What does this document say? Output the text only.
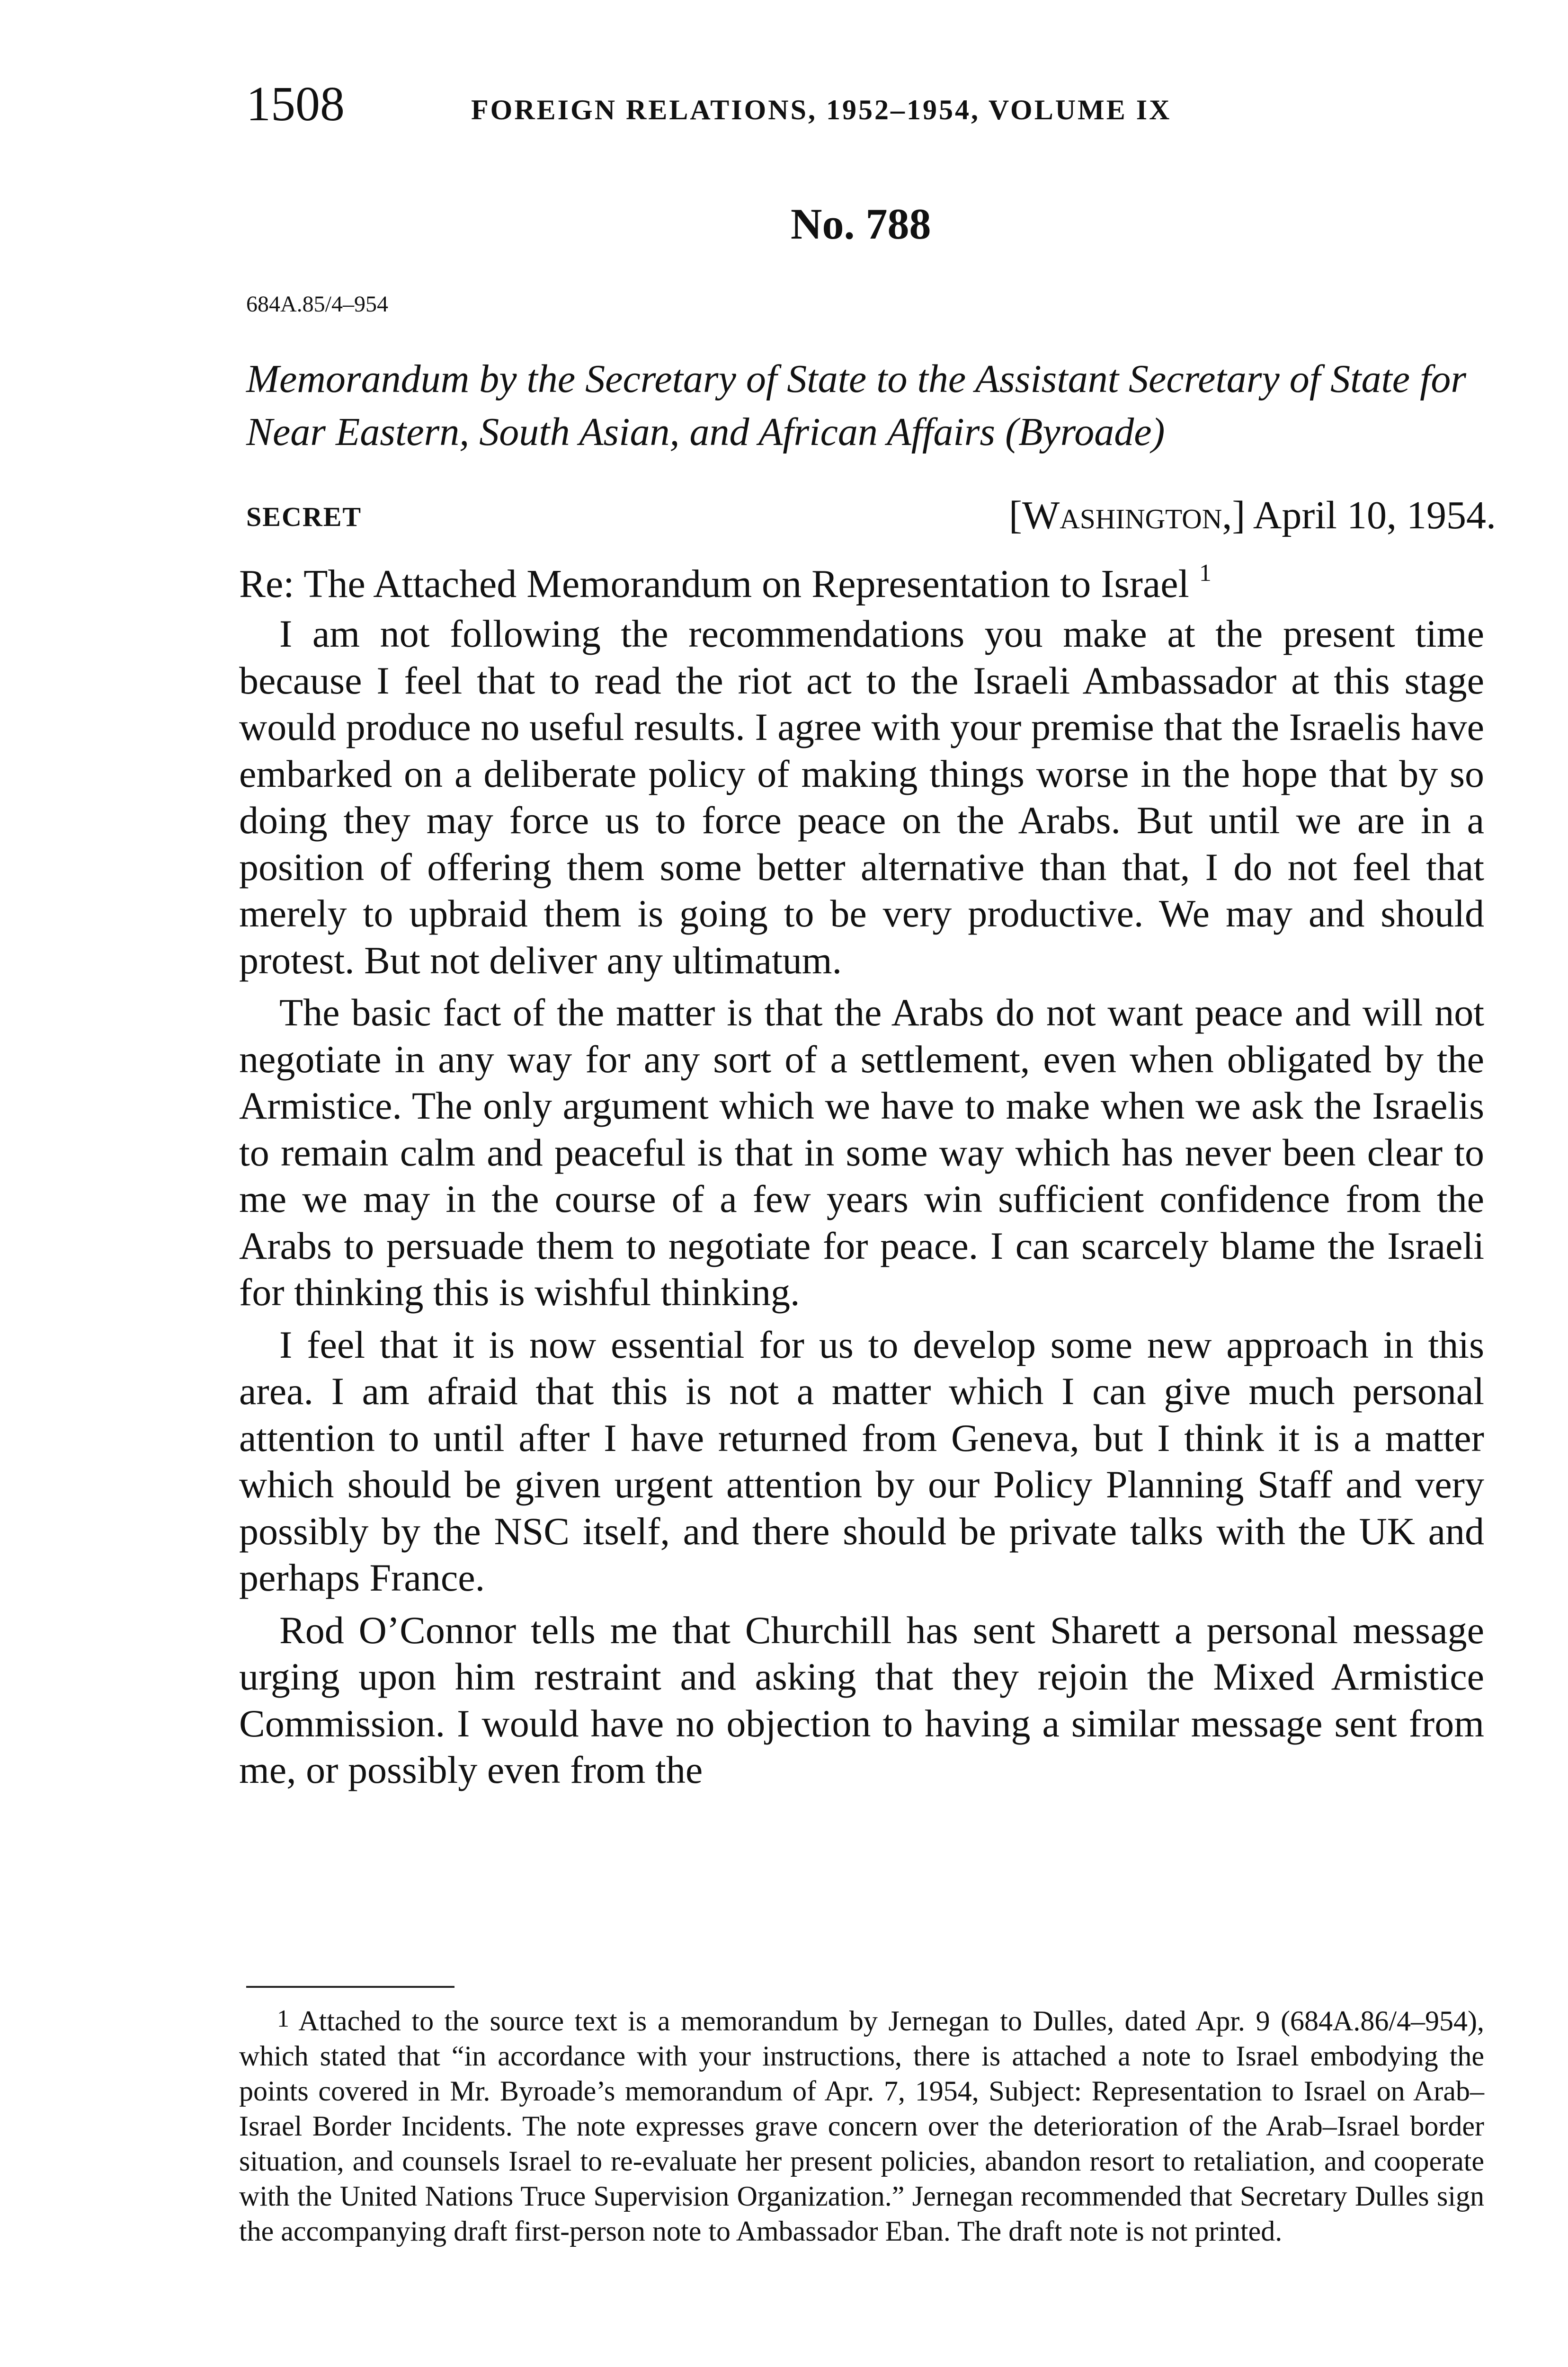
1508	FOREIGN RELATIONS, 1952–1954, VOLUME IX
No. 788
684A.85/4–954
Memorandum by the Secretary of State to the Assistant Secretary of State for Near Eastern, South Asian, and African Affairs (Byroade)
SECRET	[Washington,] April 10, 1954.
Re: The Attached Memorandum on Representation to Israel $^1$

I am not following the recommendations you make at the present time because I feel that to read the riot act to the Israeli Ambassador at this stage would produce no useful results. I agree with your premise that the Israelis have embarked on a deliberate policy of making things worse in the hope that by so doing they may force us to force peace on the Arabs. But until we are in a position of offering them some better alternative than that, I do not feel that merely to upbraid them is going to be very productive. We may and should protest. But not deliver any ultimatum.

The basic fact of the matter is that the Arabs do not want peace and will not negotiate in any way for any sort of a settlement, even when obligated by the Armistice. The only argument which we have to make when we ask the Israelis to remain calm and peaceful is that in some way which has never been clear to me we may in the course of a few years win sufficient confidence from the Arabs to persuade them to negotiate for peace. I can scarcely blame the Israeli for thinking this is wishful thinking.

I feel that it is now essential for us to develop some new approach in this area. I am afraid that this is not a matter which I can give much personal attention to until after I have returned from Geneva, but I think it is a matter which should be given urgent attention by our Policy Planning Staff and very possibly by the NSC itself, and there should be private talks with the UK and perhaps France.

Rod O’Connor tells me that Churchill has sent Sharett a personal message urging upon him restraint and asking that they rejoin the Mixed Armistice Commission. I would have no objection to having a similar message sent from me, or possibly even from the

$^1$ Attached to the source text is a memorandum by Jernegan to Dulles, dated Apr. 9 (684A.86/4–954), which stated that “in accordance with your instructions, there is attached a note to Israel embodying the points covered in Mr. Byroade’s memorandum of Apr. 7, 1954, Subject: Representation to Israel on Arab–Israel Border Incidents. The note expresses grave concern over the deterioration of the Arab–Israel border situation, and counsels Israel to re-evaluate her present policies, abandon resort to retaliation, and cooperate with the United Nations Truce Supervision Organization.” Jernegan recommended that Secretary Dulles sign the accompanying draft first-person note to Ambassador Eban. The draft note is not printed.
